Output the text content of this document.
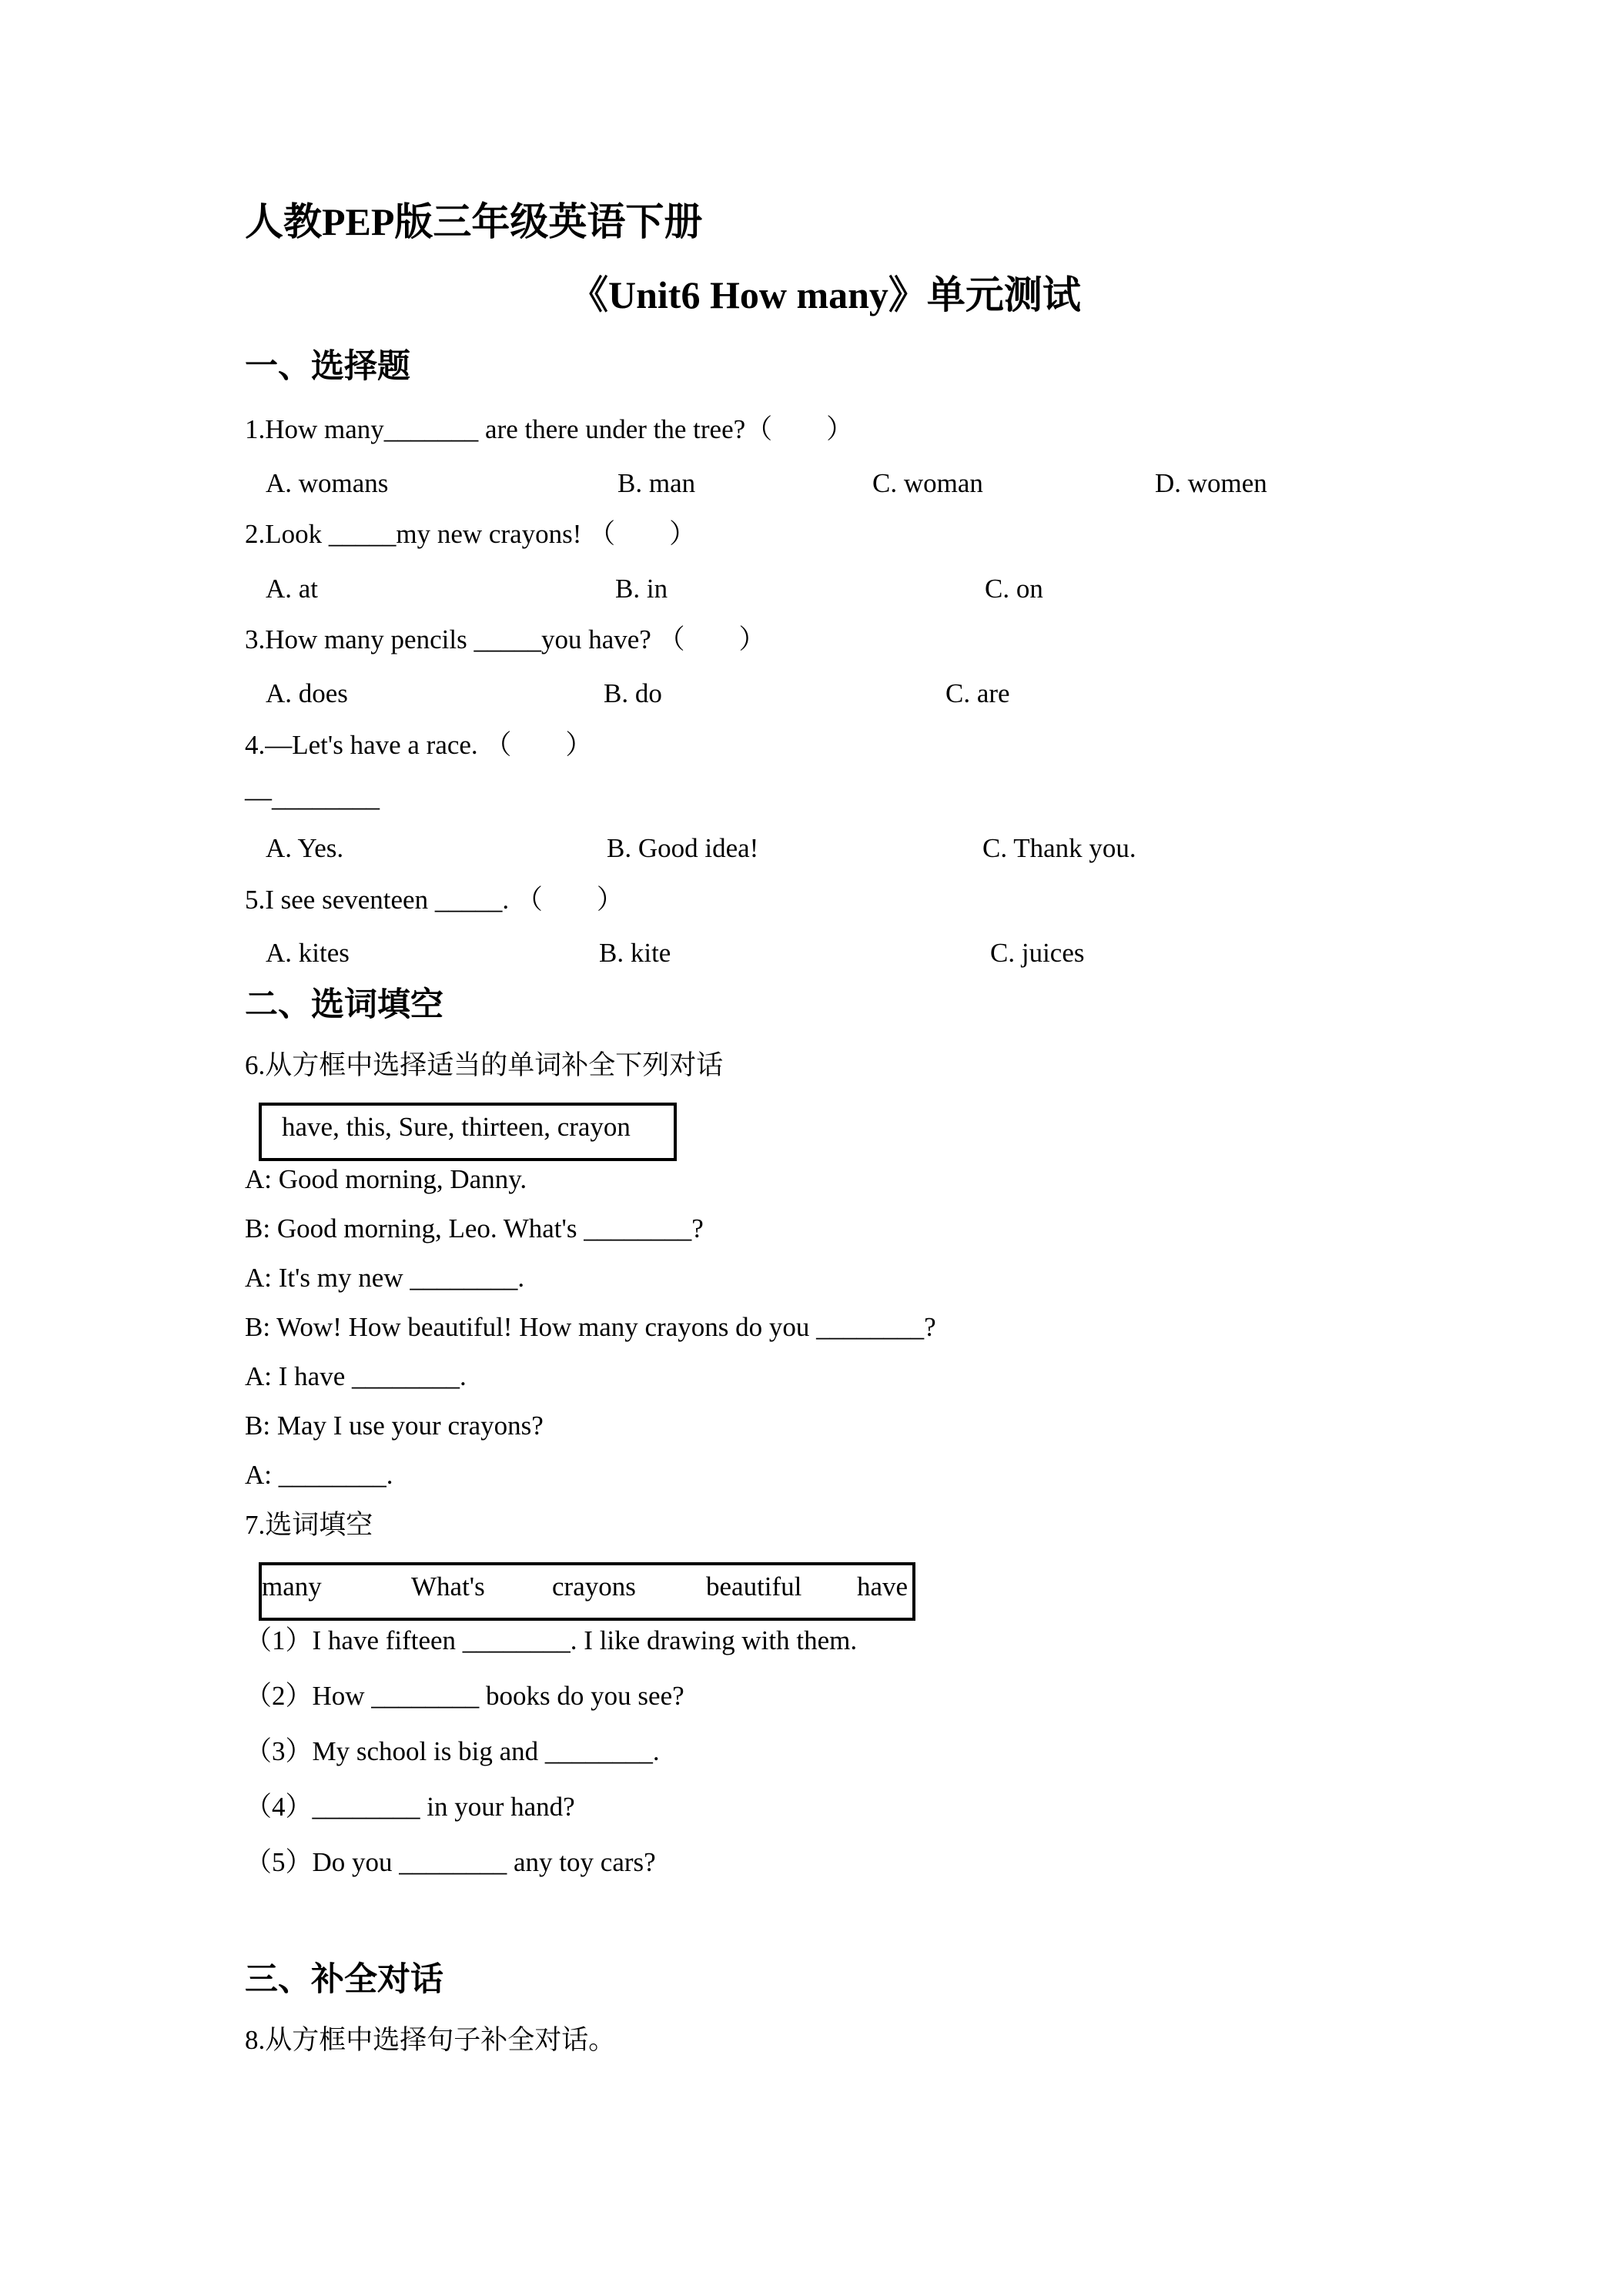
人教PEP版三年级英语下册
《Unit6 How many》单元测试
一、选择题
1.How many_______ are there under the tree?（　　）
A. womans	B. man	C. woman	D. women
2.Look _____my new crayons! （　　）
A. at	B. in	C. on
3.How many pencils _____you have? （　　）
A. does	B. do	C. are
4.—Let's have a race. （　　）
—________
A. Yes.	B. Good idea!	C. Thank you.
5.I see seventeen _____. （　　）
A. kites	B. kite	C. juices
二、选词填空
6.从方框中选择适当的单词补全下列对话
have, this, Sure, thirteen, crayon
A: Good morning, Danny.
B: Good morning, Leo. What's ________?
A: It's my new ________.
B: Wow! How beautiful! How many crayons do you ________?
A: I have ________.
B: May I use your crayons?
A: ________.
7.选词填空
many	What's crayons	beautiful have
（1）I have fifteen ________. I like drawing with them.
（2）How ________ books do you see?
（3）My school is big and ________.
（4）________ in your hand?
（5）Do you ________ any toy cars?
三、补全对话
8.从方框中选择句子补全对话。
